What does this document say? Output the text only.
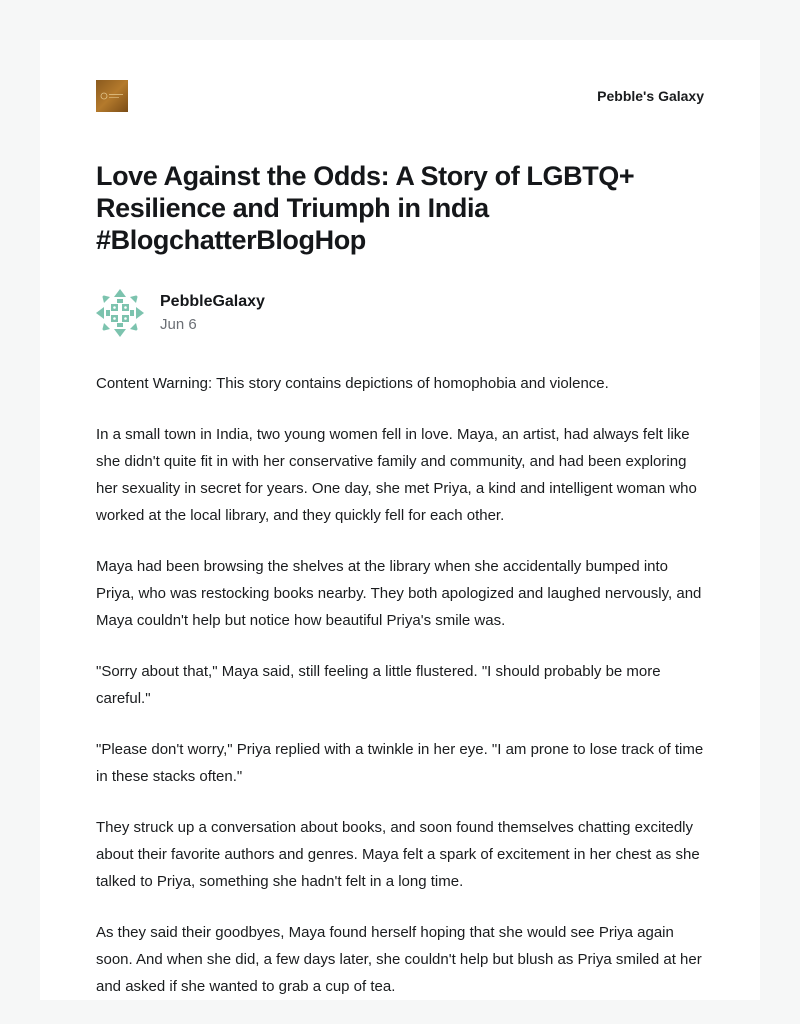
Pebble's Galaxy
Love Against the Odds: A Story of LGBTQ+ Resilience and Triumph in India #BlogchatterBlogHop
PebbleGalaxy
Jun 6

Content Warning: This story contains depictions of homophobia and violence.

In a small town in India, two young women fell in love. Maya, an artist, had always felt like she didn't quite fit in with her conservative family and community, and had been exploring her sexuality in secret for years. One day, she met Priya, a kind and intelligent woman who worked at the local library, and they quickly fell for each other.

Maya had been browsing the shelves at the library when she accidentally bumped into Priya, who was restocking books nearby. They both apologized and laughed nervously, and Maya couldn't help but notice how beautiful Priya's smile was.

"Sorry about that," Maya said, still feeling a little flustered. "I should probably be more careful."

"Please don't worry," Priya replied with a twinkle in her eye. "I am prone to lose track of time in these stacks often."

They struck up a conversation about books, and soon found themselves chatting excitedly about their favorite authors and genres. Maya felt a spark of excitement in her chest as she talked to Priya, something she hadn't felt in a long time.

As they said their goodbyes, Maya found herself hoping that she would see Priya again soon. And when she did, a few days later, she couldn't help but blush as Priya smiled at her and asked if she wanted to grab a cup of tea.
